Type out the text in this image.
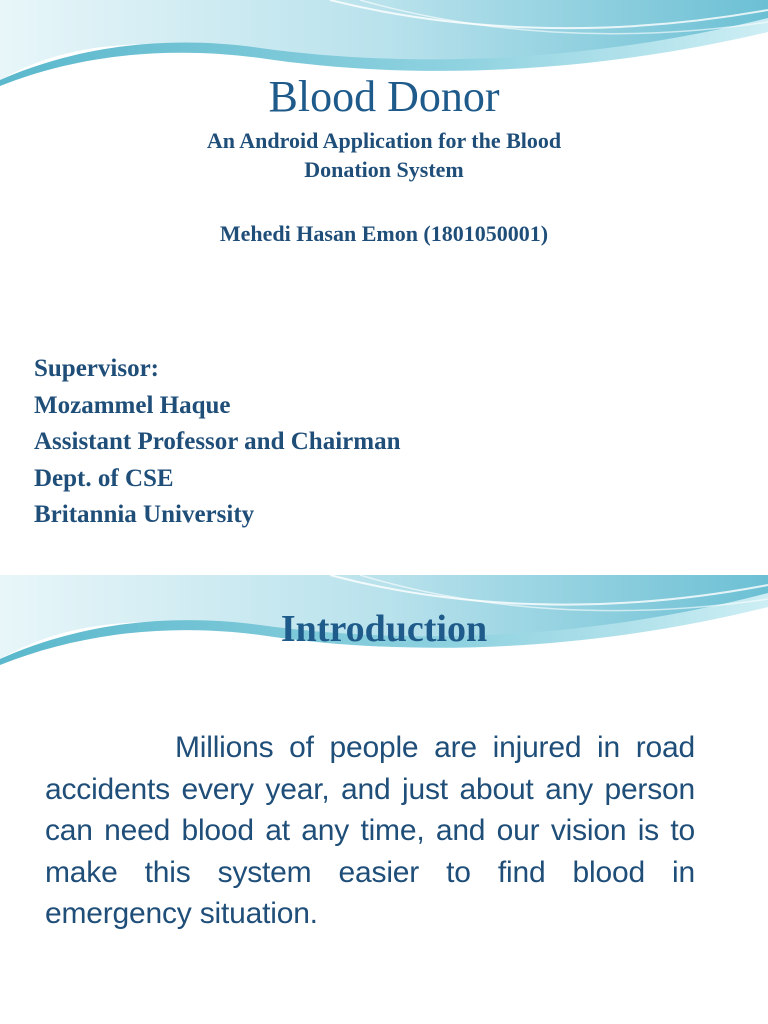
Blood Donor
An Android Application for the Blood
Donation System
Mehedi Hasan Emon (1801050001)
Supervisor:
Mozammel Haque
Assistant Professor and Chairman
Dept. of CSE
Britannia University
Introduction
Millions of people are injured in road accidents every year, and just about any person can need blood at any time, and our vision is to make this system easier to find blood in emergency situation.
